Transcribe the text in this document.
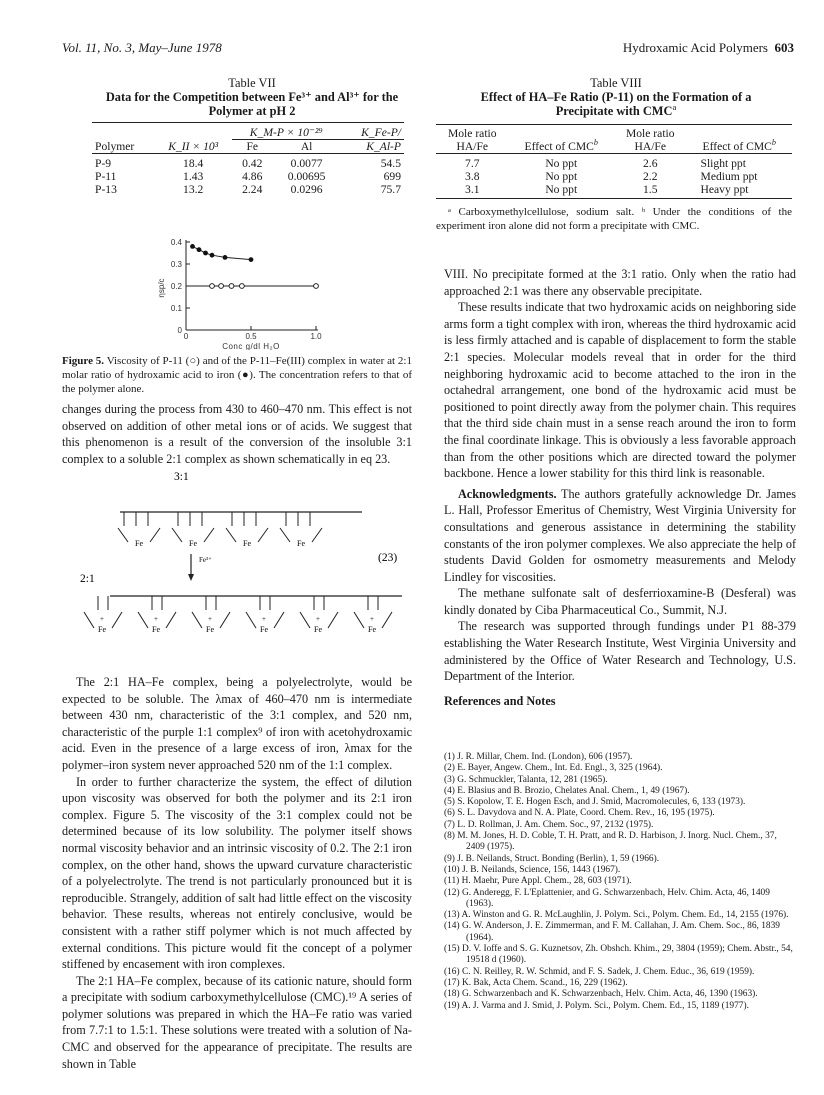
Vol. 11, No. 3, May–June 1978	Hydroxamic Acid Polymers 603
Table VII
Data for the Competition between Fe³⁺ and Al³⁺ for the Polymer at pH 2
		K_M-P × 10⁻²⁹		K_Fe-P/
Polymer	K_II × 10³	Fe	Al	K_Al-P
P-9	18.4	0.42	0.0077	54.5
P-11	1.43	4.86	0.00695	699
P-13	13.2	2.24	0.0296	75.7
0.4
0.3
0.2
0.1
0
0	0.5	1.0
ηsp/c
Conc g/dl H₂O
Figure 5. Viscosity of P-11 (○) and of the P-11–Fe(III) complex in water at 2:1 molar ratio of hydroxamic acid to iron (●). The concentration refers to that of the polymer alone.

changes during the process from 430 to 460–470 nm. This effect is not observed on addition of other metal ions or of acids. We suggest that this phenomenon is a result of the conversion of the insoluble 3:1 complex to a soluble 2:1 complex as shown schematically in eq 23.

3:1
2:1
(23)
Fe³⁺
Fe	Fe	Fe	Fe
Fe
+
Fe
+
Fe
+
Fe
+
Fe
+
Fe
+

The 2:1 HA–Fe complex, being a polyelectrolyte, would be expected to be soluble. The λmax of 460–470 nm is intermediate between 430 nm, characteristic of the 3:1 complex, and 520 nm, characteristic of the purple 1:1 complex⁹ of iron with acetohydroxamic acid. Even in the presence of a large excess of iron, λmax for the polymer–iron system never approached 520 nm of the 1:1 complex.

In order to further characterize the system, the effect of dilution upon viscosity was observed for both the polymer and its 2:1 iron complex. Figure 5. The viscosity of the 3:1 complex could not be determined because of its low solubility. The polymer itself shows normal viscosity behavior and an intrinsic viscosity of 0.2. The 2:1 iron complex, on the other hand, shows the upward curvature characteristic of a polyelectrolyte. The trend is not particularly pronounced but it is reproducible. Strangely, addition of salt had little effect on the viscosity behavior. These results, whereas not entirely conclusive, would be consistent with a rather stiff polymer which is not much affected by external conditions. This picture would fit the concept of a polymer stiffened by encasement with iron complexes.

The 2:1 HA–Fe complex, because of its cationic nature, should form a precipitate with sodium carboxymethylcellulose (CMC).¹⁹ A series of polymer solutions was prepared in which the HA–Fe ratio was varied from 7.7:1 to 1.5:1. These solutions were treated with a solution of Na-CMC and observed for the appearance of precipitate. The results are shown in Table

Table VIII
Effect of HA–Fe Ratio (P-11) on the Formation of a Precipitate with CMC$^a$
Mole ratio		Mole ratio	
HA/Fe	Effect of CMC$^b$	HA/Fe	Effect of CMC$^b$
7.7	No ppt	2.6	Slight ppt
3.8	No ppt	2.2	Medium ppt
3.1	No ppt	1.5	Heavy ppt
ᵃ Carboxymethylcellulose, sodium salt. ᵇ Under the conditions of the experiment iron alone did not form a precipitate with CMC.

VIII. No precipitate formed at the 3:1 ratio. Only when the ratio had approached 2:1 was there any observable precipitate.

These results indicate that two hydroxamic acids on neighboring side arms form a tight complex with iron, whereas the third hydroxamic acid is less firmly attached and is capable of displacement to form the stable 2:1 species. Molecular models reveal that in order for the third neighboring hydroxamic acid to become attached to the iron in the octahedral arrangement, one bond of the hydroxamic acid must be positioned to point directly away from the polymer chain. This requires that the third side chain must in a sense reach around the iron to form the final coordinate linkage. This is obviously a less favorable approach than from the other positions which are directed toward the polymer backbone. Hence a lower stability for this third link is reasonable.

Acknowledgments. The authors gratefully acknowledge Dr. James L. Hall, Professor Emeritus of Chemistry, West Virginia University for consultations and generous assistance in determining the stability constants of the iron polymer complexes. We also appreciate the help of students David Golden for osmometry measurements and Melody Lindley for viscosities.

The methane sulfonate salt of desferrioxamine-B (Desferal) was kindly donated by Ciba Pharmaceutical Co., Summit, N.J.

The research was supported through fundings under P1 88-379 establishing the Water Research Institute, West Virginia University and administered by the Office of Water Research and Technology, U.S. Department of the Interior.

References and Notes

(1) J. R. Millar, Chem. Ind. (London), 606 (1957).
(2) E. Bayer, Angew. Chem., Int. Ed. Engl., 3, 325 (1964).
(3) G. Schmuckler, Talanta, 12, 281 (1965).
(4) E. Blasius and B. Brozio, Chelates Anal. Chem., 1, 49 (1967).
(5) S. Kopolow, T. E. Hogen Esch, and J. Smid, Macromolecules, 6, 133 (1973).
(6) S. L. Davydova and N. A. Plate, Coord. Chem. Rev., 16, 195 (1975).
(7) L. D. Rollman, J. Am. Chem. Soc., 97, 2132 (1975).
(8) M. M. Jones, H. D. Coble, T. H. Pratt, and R. D. Harbison, J. Inorg. Nucl. Chem., 37, 2409 (1975).
(9) J. B. Neilands, Struct. Bonding (Berlin), 1, 59 (1966).
(10) J. B. Neilands, Science, 156, 1443 (1967).
(11) H. Maehr, Pure Appl. Chem., 28, 603 (1971).
(12) G. Anderegg, F. L'Eplattenier, and G. Schwarzenbach, Helv. Chim. Acta, 46, 1409 (1963).
(13) A. Winston and G. R. McLaughlin, J. Polym. Sci., Polym. Chem. Ed., 14, 2155 (1976).
(14) G. W. Anderson, J. E. Zimmerman, and F. M. Callahan, J. Am. Chem. Soc., 86, 1839 (1964).
(15) D. V. Ioffe and S. G. Kuznetsov, Zh. Obshch. Khim., 29, 3804 (1959); Chem. Abstr., 54, 19518 d (1960).
(16) C. N. Reilley, R. W. Schmid, and F. S. Sadek, J. Chem. Educ., 36, 619 (1959).
(17) K. Bak, Acta Chem. Scand., 16, 229 (1962).
(18) G. Schwarzenbach and K. Schwarzenbach, Helv. Chim. Acta, 46, 1390 (1963).
(19) A. J. Varma and J. Smid, J. Polym. Sci., Polym. Chem. Ed., 15, 1189 (1977).
